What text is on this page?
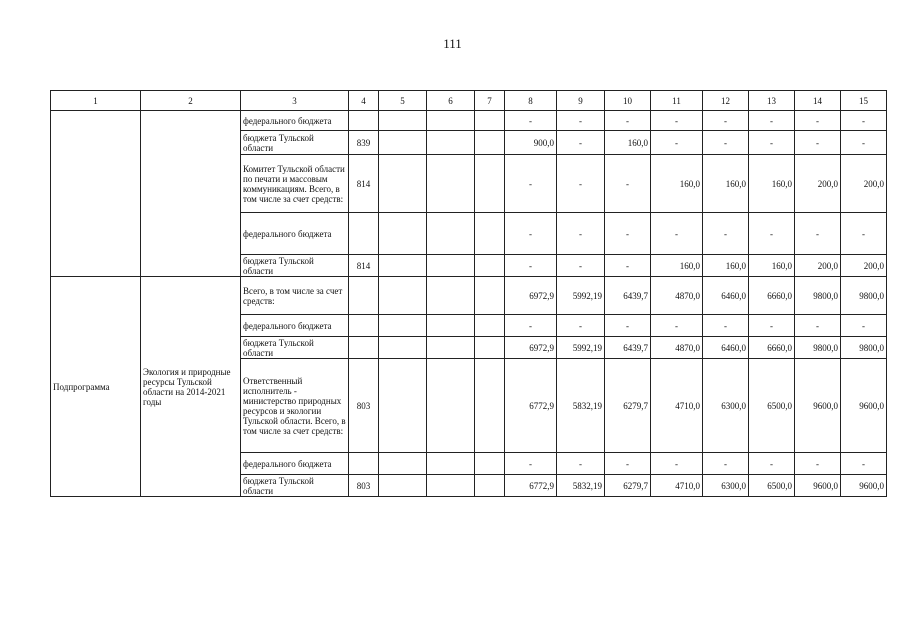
111
1	2	3	4	5	6	7	8	9	10	11	12	13	14	15
		федерального бюджета					-	-	-	-	-	-	-	-
		бюджета Тульской области	839				900,0	-	160,0	-	-	-	-	-
		Комитет Тульской области по печати и массовым коммуникациям. Всего, в том числе за счет средств:	814				-	-	-	160,0	160,0	160,0	200,0	200,0
		федерального бюджета					-	-	-	-	-	-	-	-
		бюджета Тульской области	814				-	-	-	160,0	160,0	160,0	200,0	200,0
Подпрограмма	Экология и природные ресурсы Тульской области на 2014-2021 годы	Всего, в том числе за счет средств:					6972,9	5992,19	6439,7	4870,0	6460,0	6660,0	9800,0	9800,0
		федерального бюджета					-	-	-	-	-	-	-	-
		бюджета Тульской области					6972,9	5992,19	6439,7	4870,0	6460,0	6660,0	9800,0	9800,0
		Ответственный исполнитель - министерство природных ресурсов и экологии Тульской области. Всего, в том числе за счет средств:	803				6772,9	5832,19	6279,7	4710,0	6300,0	6500,0	9600,0	9600,0
		федерального бюджета					-	-	-	-	-	-	-	-
		бюджета Тульской области	803				6772,9	5832,19	6279,7	4710,0	6300,0	6500,0	9600,0	9600,0
